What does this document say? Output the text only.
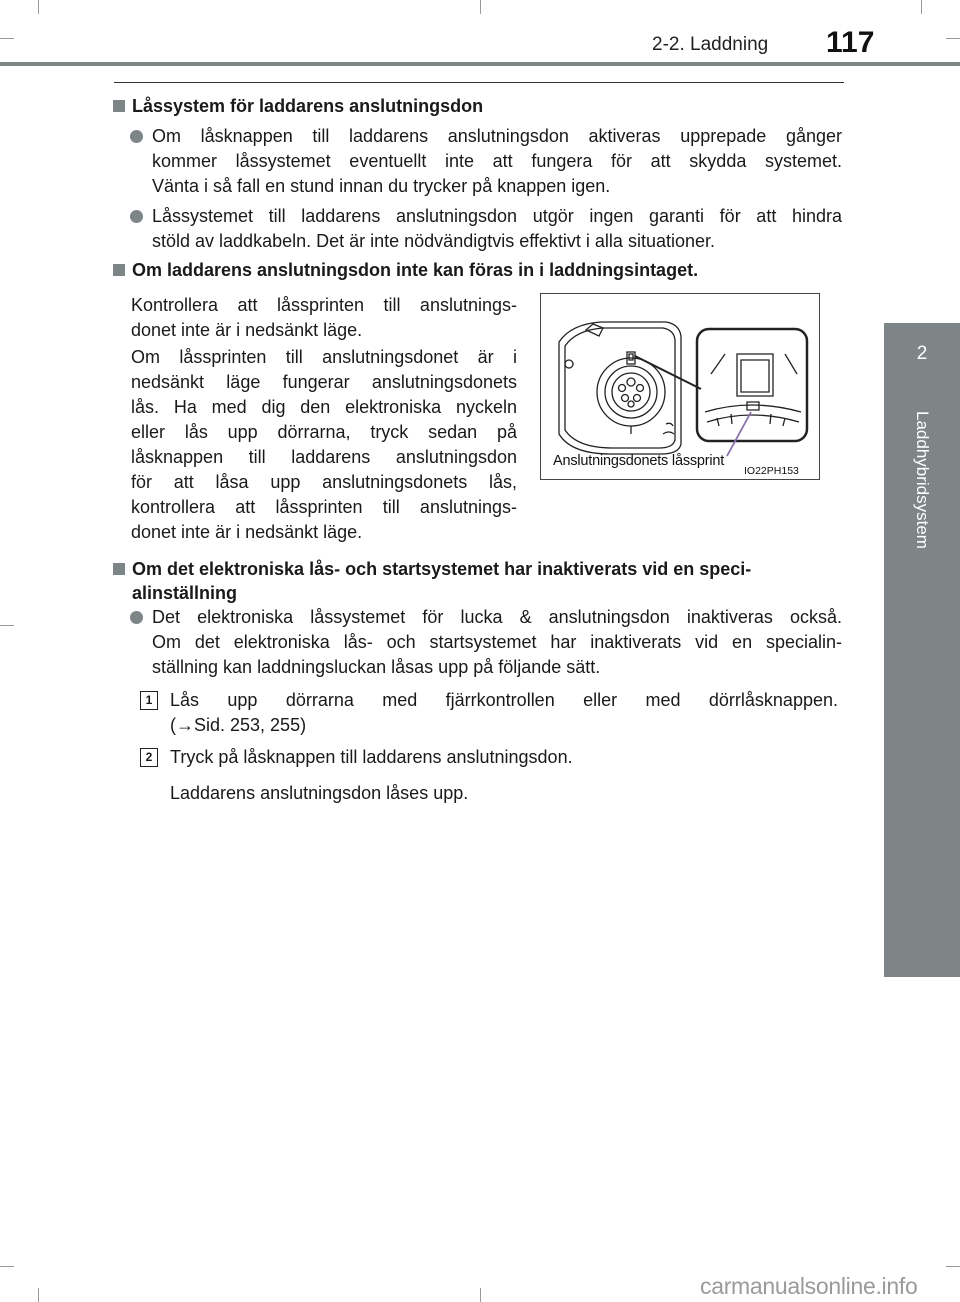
2-2. Laddning 117
2
Laddhybridsystem
Låssystem för laddarens anslutningsdon
Om låsknappen till laddarens anslutningsdon aktiveras upprepade gånger
kommer låssystemet eventuellt inte att fungera för att skydda systemet.
Vänta i så fall en stund innan du trycker på knappen igen.
Låssystemet till laddarens anslutningsdon utgör ingen garanti för att hindra
stöld av laddkabeln. Det är inte nödvändigtvis effektivt i alla situationer.
Om laddarens anslutningsdon inte kan föras in i laddningsintaget.
Kontrollera att låssprinten till anslutnings-
donet inte är i nedsänkt läge.
Om låssprinten till anslutningsdonet är i
nedsänkt läge fungerar anslutningsdonets
lås. Ha med dig den elektroniska nyckeln
eller lås upp dörrarna, tryck sedan på
låsknappen till laddarens anslutningsdon
för att låsa upp anslutningsdonets lås,
kontrollera att låssprinten till anslutnings-
donet inte är i nedsänkt läge.
Anslutningsdonets låssprint
IO22PH153
Om det elektroniska lås- och startsystemet har inaktiverats vid en speci-
alinställning
Det elektroniska låssystemet för lucka & anslutningsdon inaktiveras också.
Om det elektroniska lås- och startsystemet har inaktiverats vid en specialin-
ställning kan laddningsluckan låsas upp på följande sätt.
1 Lås upp dörrarna med fjärrkontrollen eller med dörrlåsknappen.
(→Sid. 253, 255)
2 Tryck på låsknappen till laddarens anslutningsdon.
Laddarens anslutningsdon låses upp.
carmanualsonline.info
